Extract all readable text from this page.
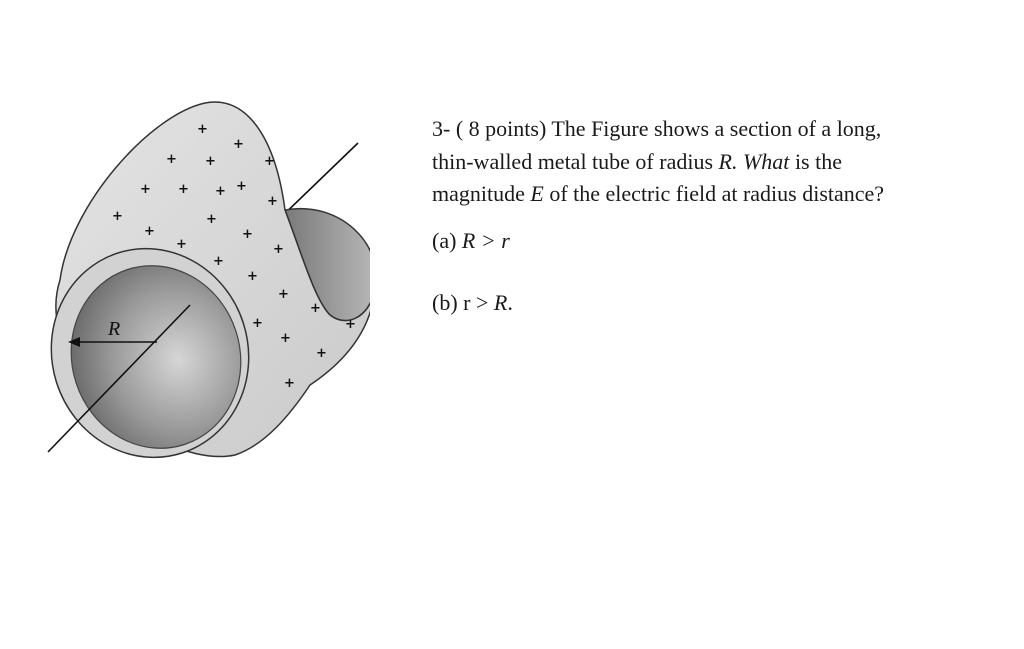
R
+
+
+ +	+
+ + + +
+
+
+
+
+
+
+
+
+
+
+
+
+
+
+
+
3- ( 8 points) The Figure shows a section of a long,
thin-walled metal tube of radius R. What is the
magnitude E of the electric field at radius distance?
(a) R > r
(b) r > R.
